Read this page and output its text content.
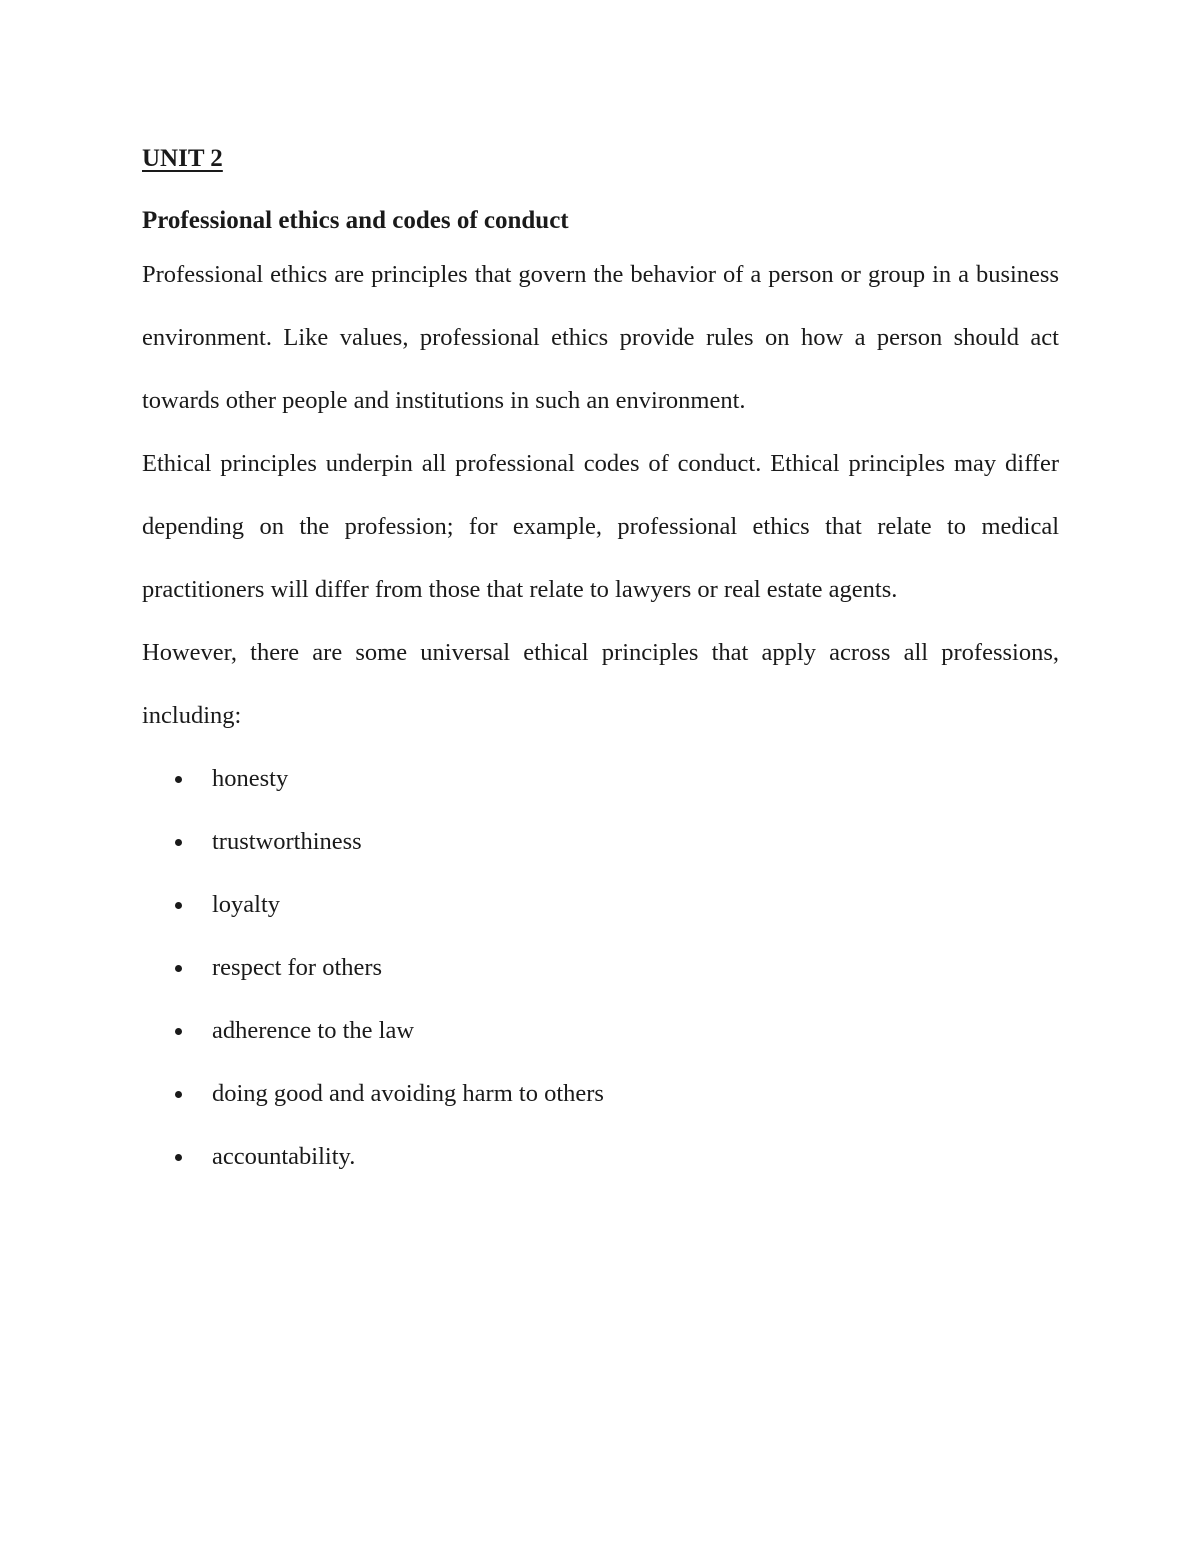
UNIT 2
Professional ethics and codes of conduct

Professional ethics are principles that govern the behavior of a person or group in a business environment. Like values, professional ethics provide rules on how a person should act towards other people and institutions in such an environment.

Ethical principles underpin all professional codes of conduct. Ethical principles may differ depending on the profession; for example, professional ethics that relate to medical practitioners will differ from those that relate to lawyers or real estate agents.

However, there are some universal ethical principles that apply across all professions, including:

honesty
trustworthiness
loyalty
respect for others
adherence to the law
doing good and avoiding harm to others
accountability.
